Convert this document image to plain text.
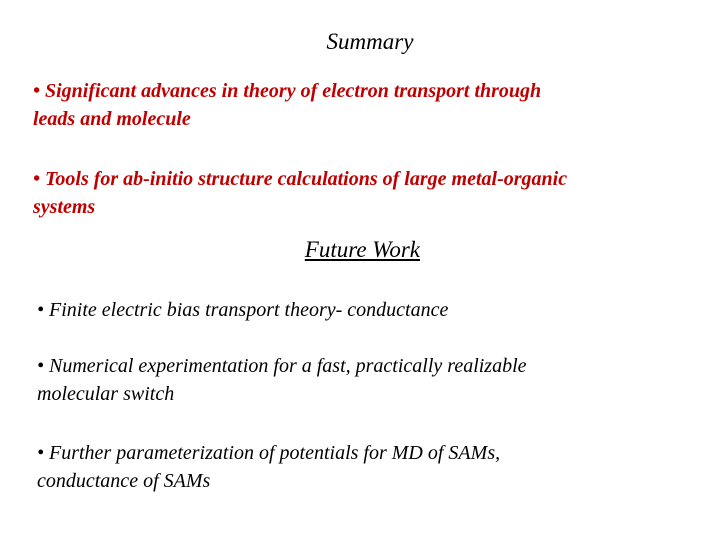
Summary

• Significant advances in theory of electron transport through
leads and molecule

• Tools for ab-initio structure calculations of large metal-organic
systems

Future Work

• Finite electric bias transport theory- conductance

• Numerical experimentation for a fast, practically realizable
molecular switch

• Further parameterization of potentials for MD of SAMs,
conductance of SAMs
